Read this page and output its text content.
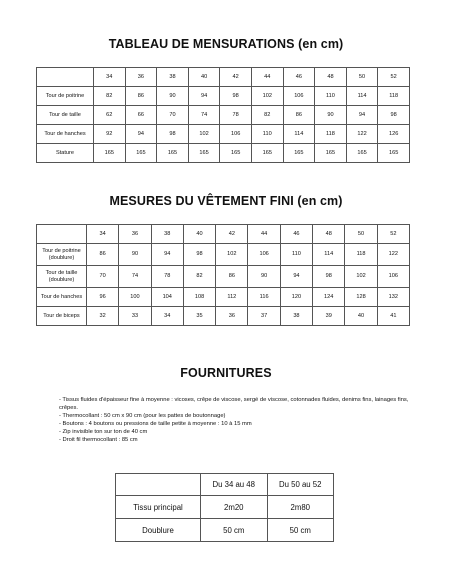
TABLEAU DE MENSURATIONS (en cm)
	34	36	38	40	42	44	46	48	50	52
Tour de poitrine	82	86	90	94	98	102	106	110	114	118
Tour de taille	62	66	70	74	78	82	86	90	94	98
Tour de hanches	92	94	98	102	106	110	114	118	122	126
Stature	165	165	165	165	165	165	165	165	165	165
MESURES DU VÊTEMENT FINI (en cm)
	34	36	38	40	42	44	46	48	50	52
Tour de poitrine
(doublure)	86	90	94	98	102	106	110	114	118	122
Tour de taille
(doublure)	70	74	78	82	86	90	94	98	102	106
Tour de hanches	96	100	104	108	112	116	120	124	128	132
Tour de biceps	32	33	34	35	36	37	38	39	40	41
FOURNITURES
- Tissus fluides d'épaisseur fine à moyenne : vicoses, crêpe de viscose, sergé de viscose, cotonnades fluides, denims fins, lainages fins, crêpes.
- Thermocollant : 50 cm x 90 cm (pour les pattes de boutonnage)
- Boutons : 4 boutons ou pressions de taille petite à moyenne : 10 à 15 mm
- Zip invisible ton sur ton de 40 cm
- Droit fil thermocollant : 85 cm
	Du 34 au 48	Du 50 au 52
Tissu principal	2m20	2m80
Doublure	50 cm	50 cm
